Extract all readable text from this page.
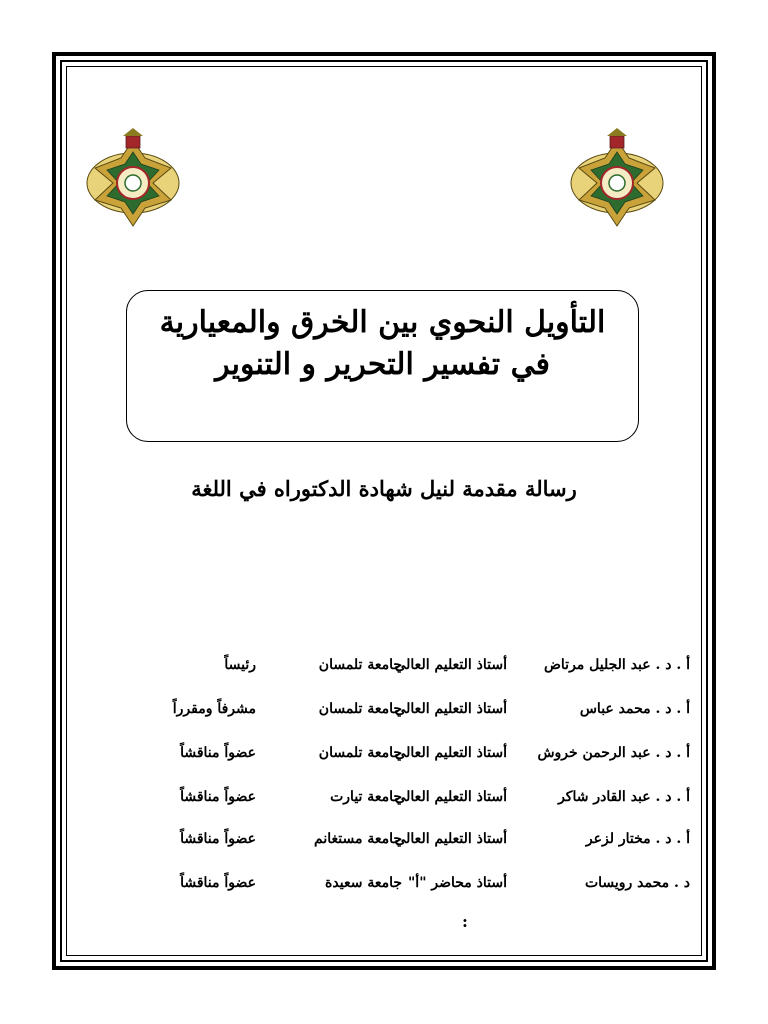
التأويل النحوي بين الخرق والمعيارية
في تفسير التحرير و التنوير
رسالة مقدمة لنيل شهادة الدكتوراه في اللغة
أ . د . عبد الجليل مرتاض
أستاذ التعليم العالي
جامعة تلمسان
رئيساً
أ . د . محمد عباس
أستاذ التعليم العالي
جامعة تلمسان
مشرفاً ومقرراً
أ . د . عبد الرحمن خروش
أستاذ التعليم العالي
جامعة تلمسان
عضواً مناقشاً
أ . د . عبد القادر شاكر
أستاذ التعليم العالي
جامعة تيارت
عضواً مناقشاً
أ . د . مختار لزعر
أستاذ التعليم العالي
جامعة مستغانم
عضواً مناقشاً
د . محمد رويسات
أستاذ محاضر "أ"
جامعة سعيدة
عضواً مناقشاً
:
